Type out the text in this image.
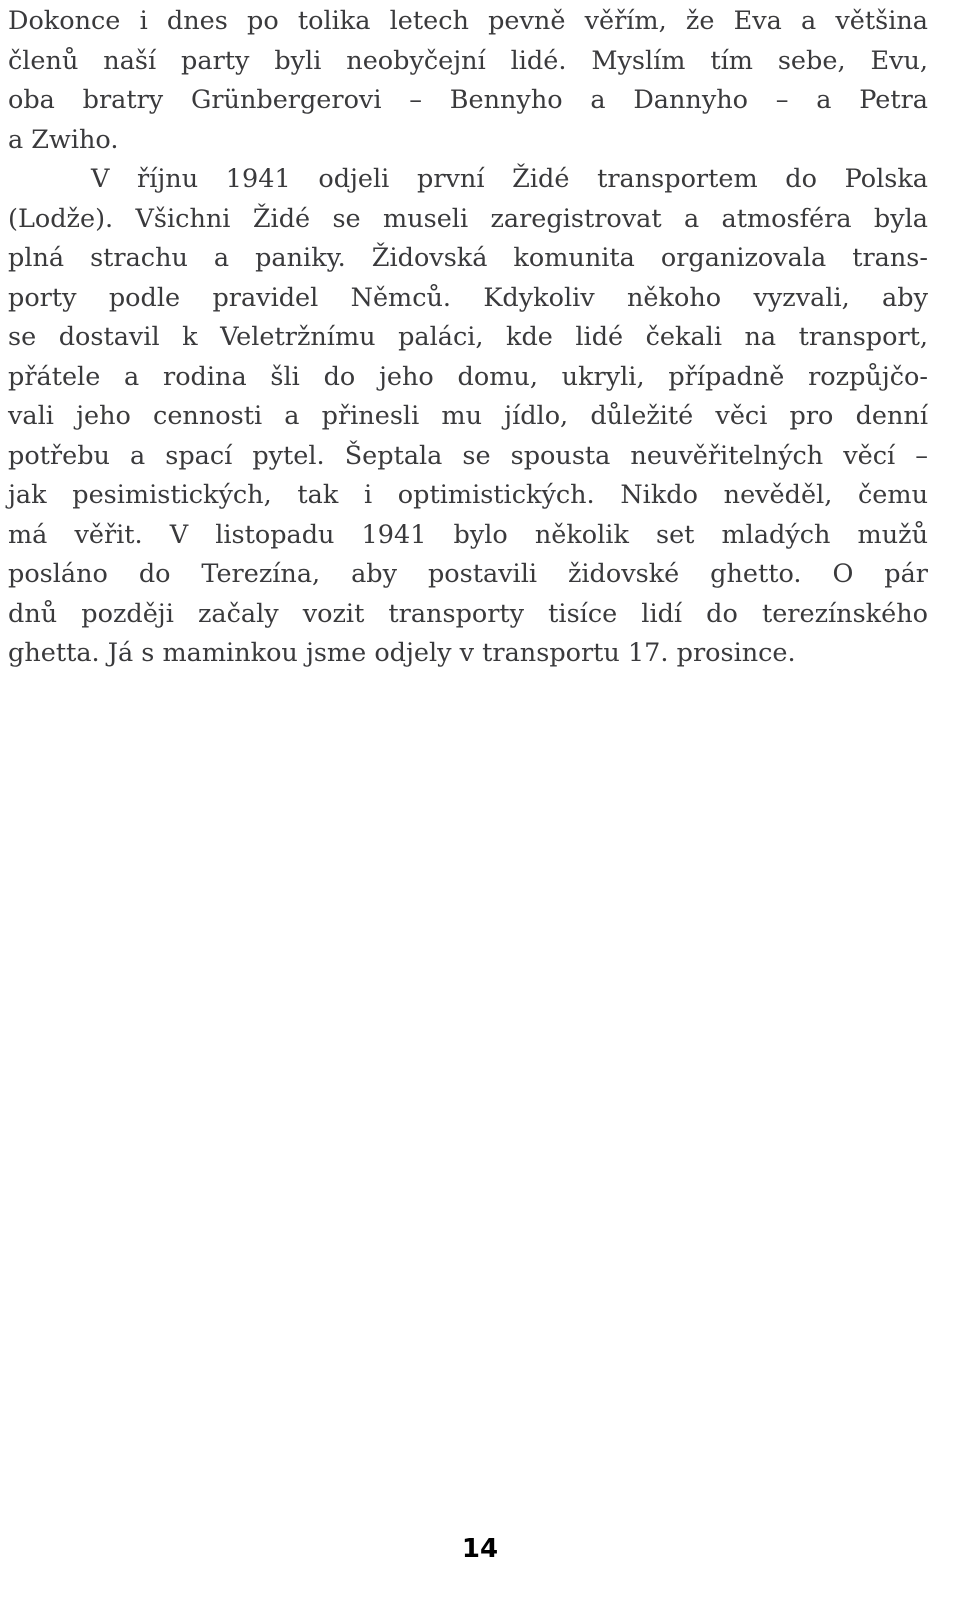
Dokonce i dnes po tolika letech pevně věřím, že Eva a většina
členů naší party byli neobyčejní lidé. Myslím tím sebe, Evu,
oba bratry Grünbergerovi – Bennyho a Dannyho – a Petra
a Zwiho.
V říjnu 1941 odjeli první Židé transportem do Polska
(Lodže). Všichni Židé se museli zaregistrovat a atmosféra byla
plná strachu a paniky. Židovská komunita organizovala trans-
porty podle pravidel Němců. Kdykoliv někoho vyzvali, aby
se dostavil k Veletržnímu paláci, kde lidé čekali na transport,
přátele a rodina šli do jeho domu, ukryli, případně rozpůjčo-
vali jeho cennosti a přinesli mu jídlo, důležité věci pro denní
potřebu a spací pytel. Šeptala se spousta neuvěřitelných věcí –
jak pesimistických, tak i optimistických. Nikdo nevěděl, čemu
má věřit. V listopadu 1941 bylo několik set mladých mužů
posláno do Terezína, aby postavili židovské ghetto. O pár
dnů později začaly vozit transporty tisíce lidí do terezínského
ghetta. Já s maminkou jsme odjely v transportu 17. prosince.
14
